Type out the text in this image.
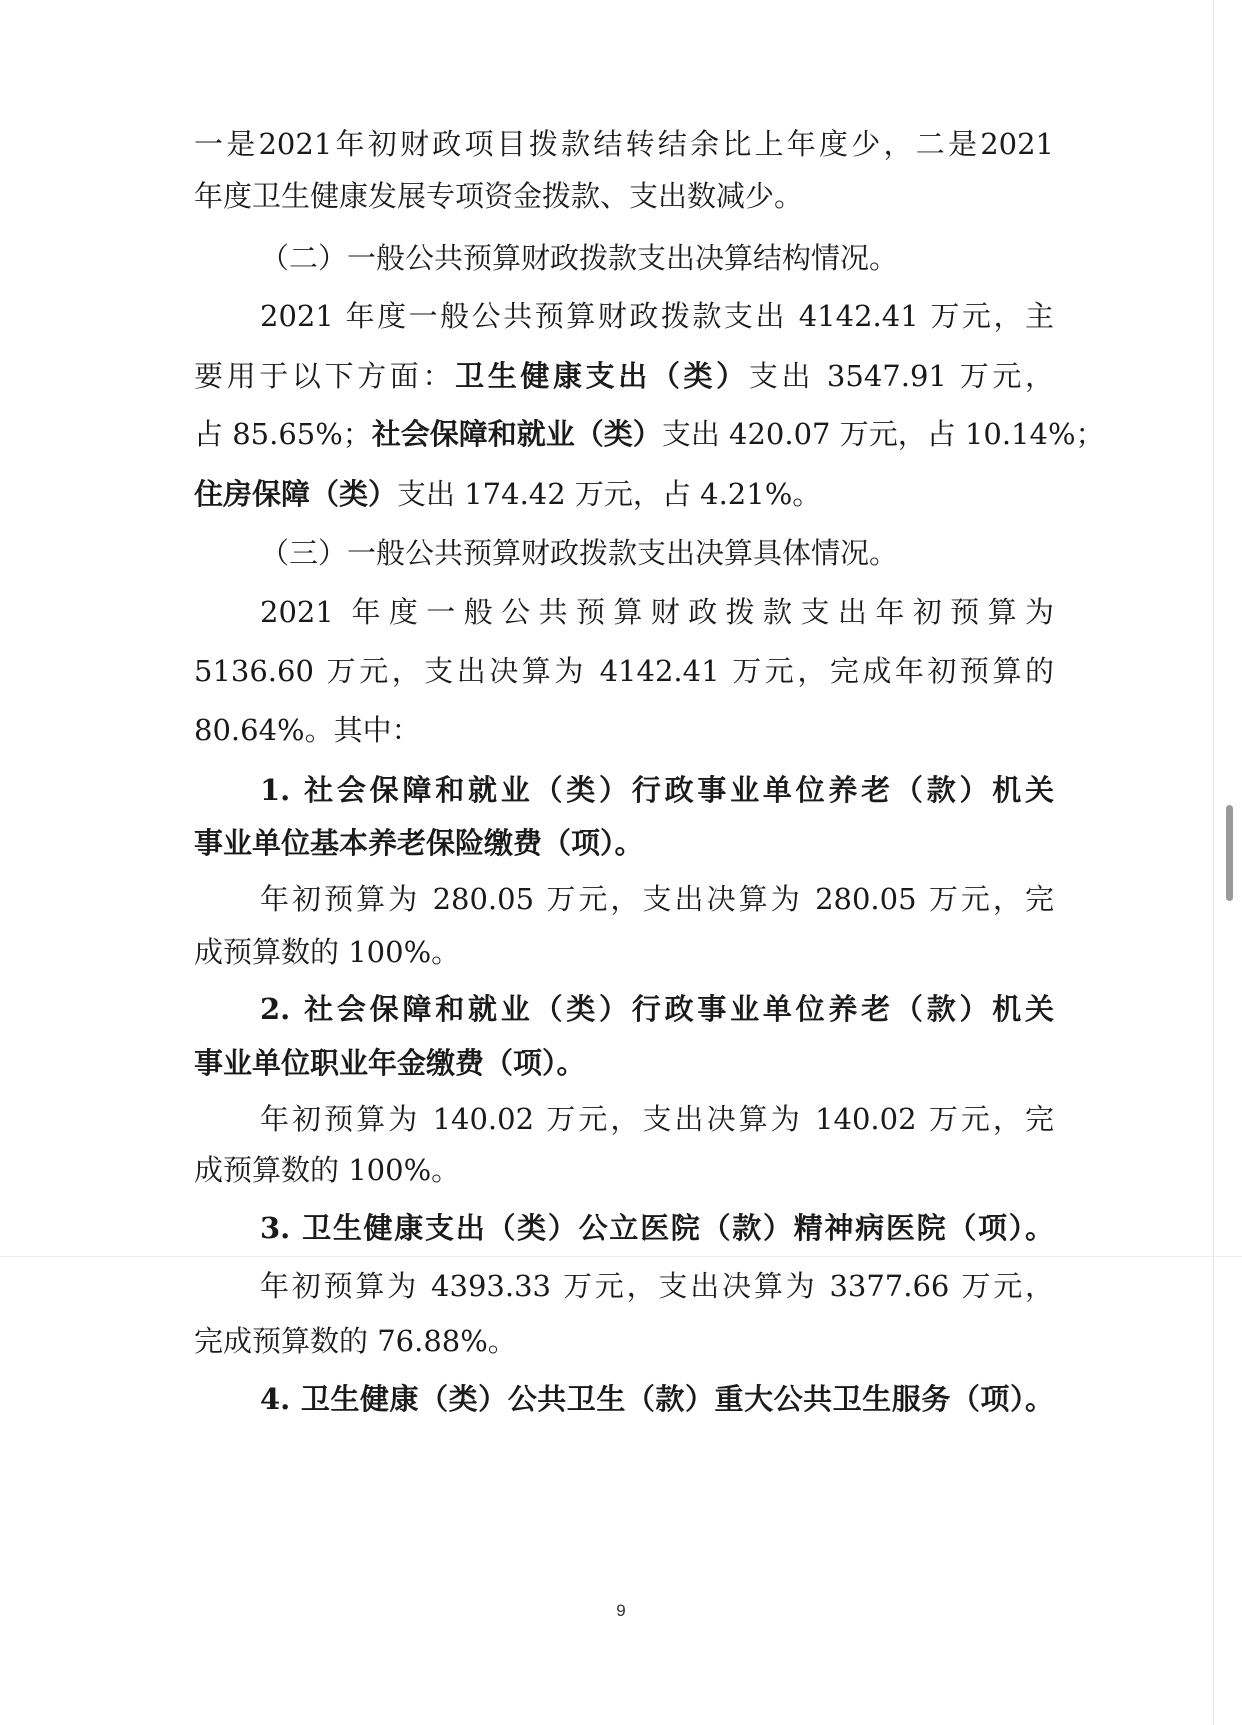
一是2021年初财政项目拨款结转结余比上年度少，二是2021
年度卫生健康发展专项资金拨款、支出数减少。
（二）一般公共预算财政拨款支出决算结构情况。
2021 年度一般公共预算财政拨款支出 4142.41 万元，主
要用于以下方面：卫生健康支出（类）支出 3547.91 万元，
占 85.65%；社会保障和就业（类）支出 420.07 万元，占 10.14%；
住房保障（类）支出 174.42 万元，占 4.21%。
（三）一般公共预算财政拨款支出决算具体情况。
2021 年度一般公共预算财政拨款支出年初预算为
5136.60 万元，支出决算为 4142.41 万元，完成年初预算的
80.64%。其中：
1. 社会保障和就业（类）行政事业单位养老（款）机关
事业单位基本养老保险缴费（项）。
年初预算为 280.05 万元，支出决算为 280.05 万元，完
成预算数的 100%。
2. 社会保障和就业（类）行政事业单位养老（款）机关
事业单位职业年金缴费（项）。
年初预算为 140.02 万元，支出决算为 140.02 万元，完
成预算数的 100%。
3. 卫生健康支出（类）公立医院（款）精神病医院（项）。
年初预算为 4393.33 万元，支出决算为 3377.66 万元，
完成预算数的 76.88%。
4. 卫生健康（类）公共卫生（款）重大公共卫生服务（项）。
9
